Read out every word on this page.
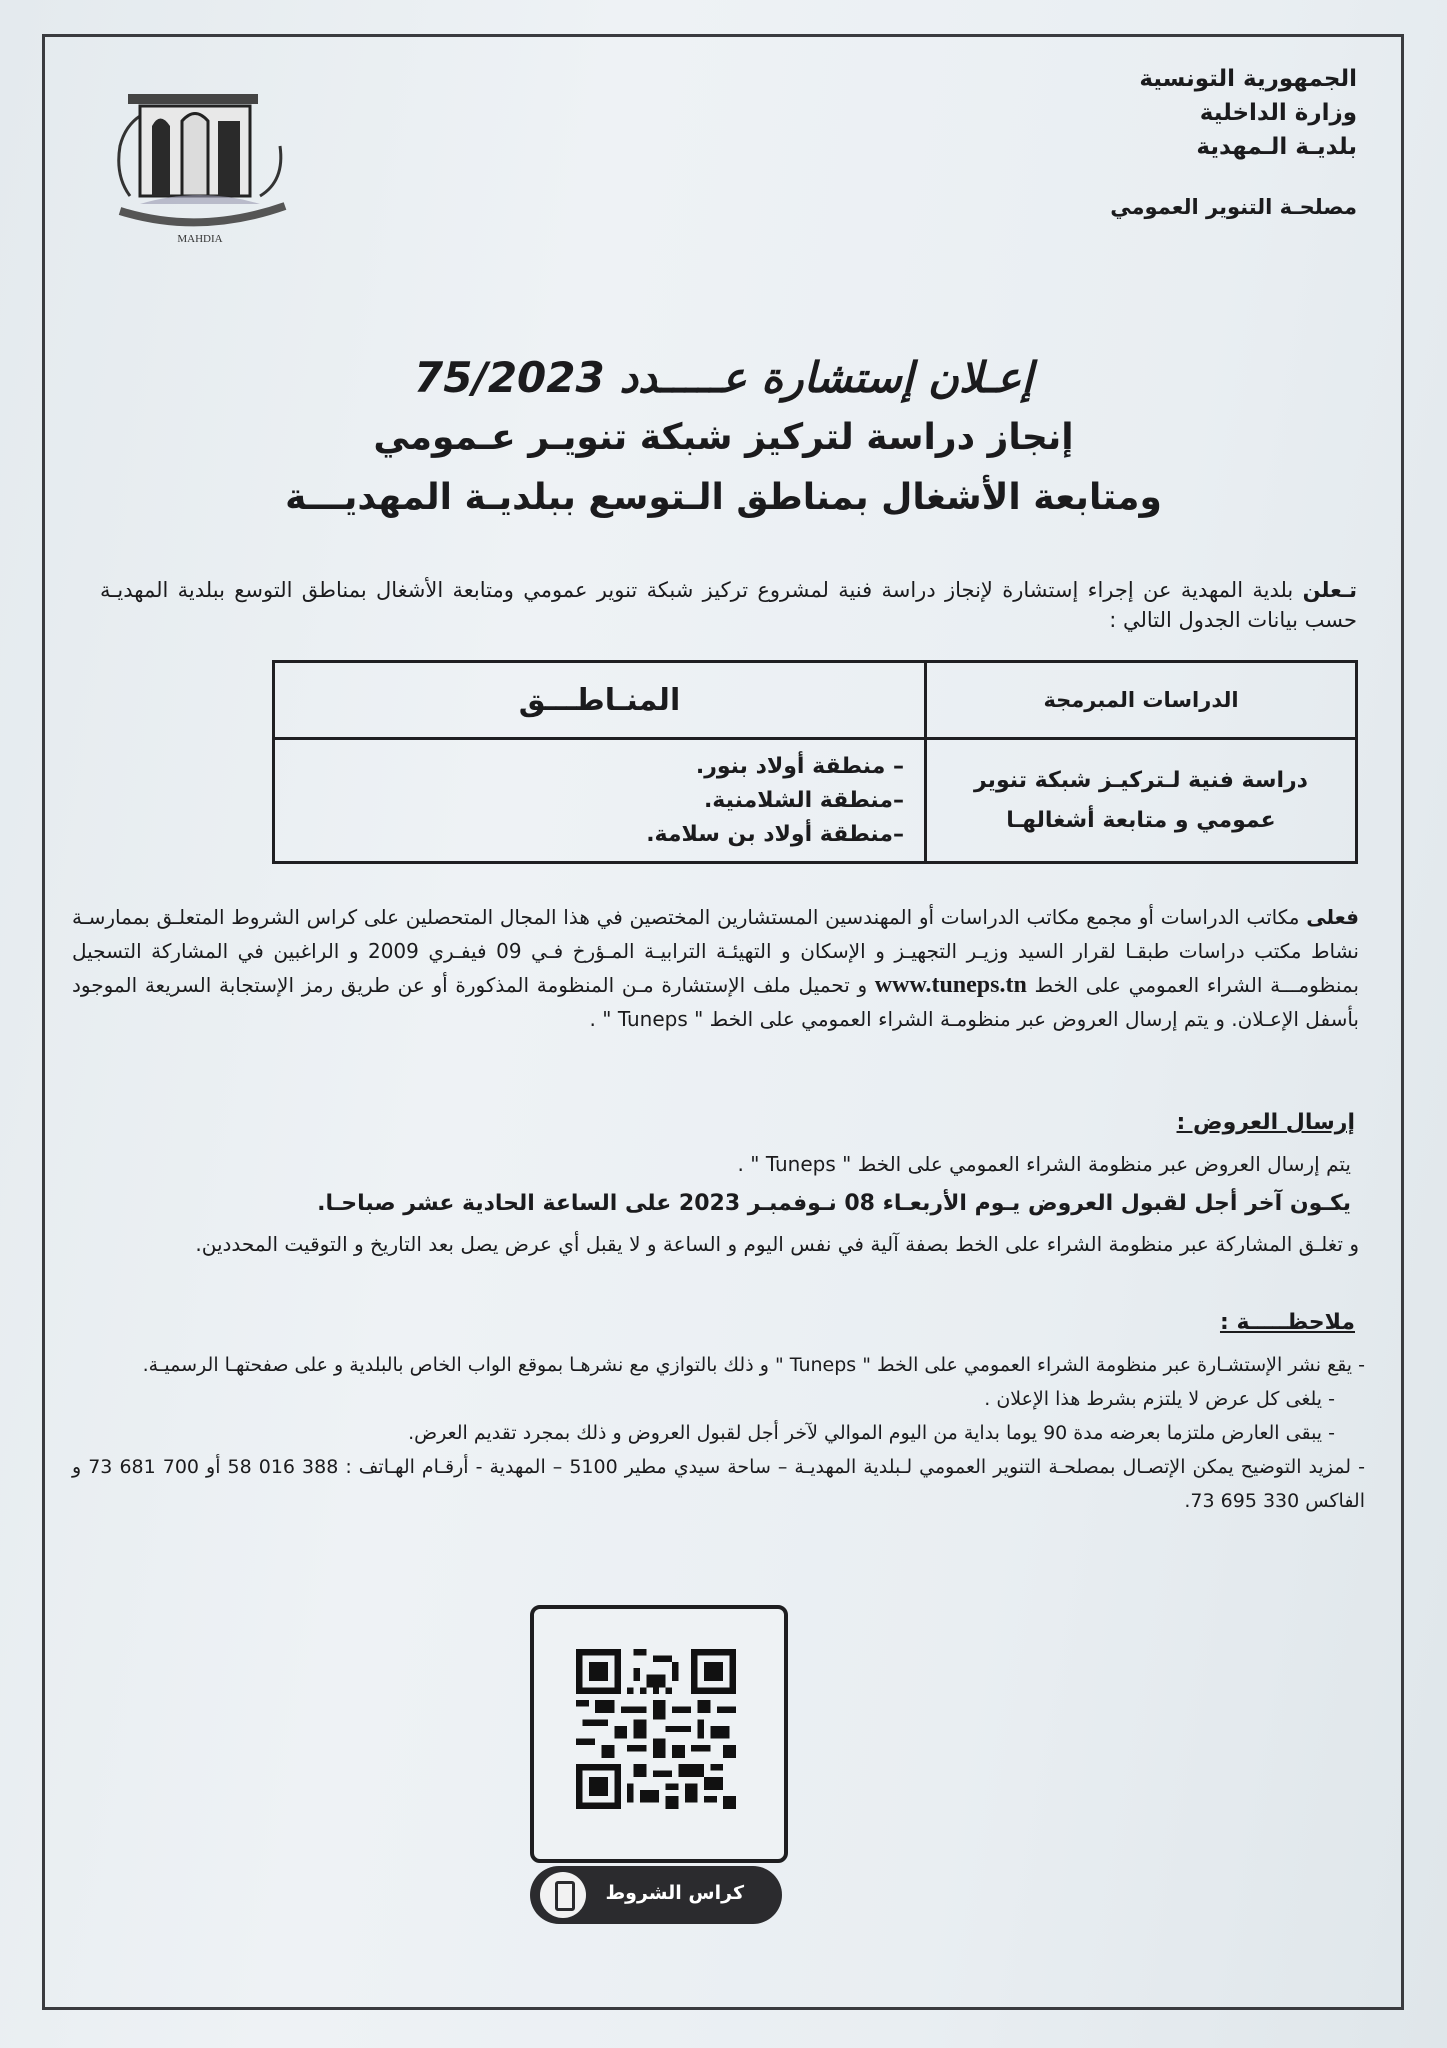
MAHDIA
الجمهورية التونسية
وزارة الداخلية
بلديـة الـمهدية
مصلحـة التنوير العمومي
إعـلان إستشارة عـــــدد 75/2023
إنجاز دراسة لتركيز شبكة تنويـر عـمومي
ومتابعة الأشغال بمناطق الـتوسع ببلديـة المهديـــة
تـعلن بلدية المهدية عن إجراء إستشارة لإنجاز دراسة فنية لمشروع تركيز شبكة تنوير عمومي ومتابعة الأشغال بمناطق التوسع ببلدية المهديـة حسب بيانات الجدول التالي :
الدراسات المبرمجة	المنـاطـــق
دراسة فنية لـتركيـز شبكة تنوير عمومي و متابعة أشغالهـا	– منطقة أولاد بنور.
–منطقة الشلامنية.
–منطقة أولاد بن سلامة.
فعلى مكاتب الدراسات أو مجمع مكاتب الدراسات أو المهندسين المستشارين المختصين في هذا المجال المتحصلين على كراس الشروط المتعلـق بممارسـة نشاط مكتب دراسات طبقـا لقرار السيد وزيـر التجهيـز و الإسكان و التهيئـة الترابيـة المـؤرخ فـي 09 فيفـري 2009 و الراغبين في المشاركة التسجيل بمنظومـــة الشراء العمومي على الخط www.tuneps.tn و تحميل ملف الإستشارة مـن المنظومة المذكورة أو عن طريق رمز الإستجابة السريعة الموجود بأسفل الإعـلان. و يتم إرسال العروض عبر منظومـة الشراء العمومي على الخط " Tuneps " .
إرسال العروض :
يتم إرسال العروض عبر منظومة الشراء العمومي على الخط " Tuneps " .
يكـون آخر أجل لقبول العروض يـوم الأربعـاء 08 نـوفمبـر 2023 على الساعة الحادية عشر صباحـا.
و تغلـق المشاركة عبر منظومة الشراء على الخط بصفة آلية في نفس اليوم و الساعة و لا يقبل أي عرض يصل بعد التاريخ و التوقيت المحددين.
ملاحظـــــة :

- يقع نشر الإستشـارة عبر منظومة الشراء العمومي على الخط " Tuneps " و ذلك بالتوازي مع نشرهـا بموقع الواب الخاص بالبلدية و على صفحتهـا الرسميـة.

- يلغى كل عرض لا يلتزم بشرط هذا الإعلان .

- يبقى العارض ملتزما بعرضه مدة 90 يوما بداية من اليوم الموالي لآخر أجل لقبول العروض و ذلك بمجرد تقديم العرض.

- لمزيد التوضيح يمكن الإتصـال بمصلحـة التنوير العمومي لـبلدية المهديـة – ساحة سيدي مطير 5100 – المهدية - أرقـام الهـاتف : 388 016 58 أو 700 681 73 و الفاكس 330 695 73.

كراس الشروط
